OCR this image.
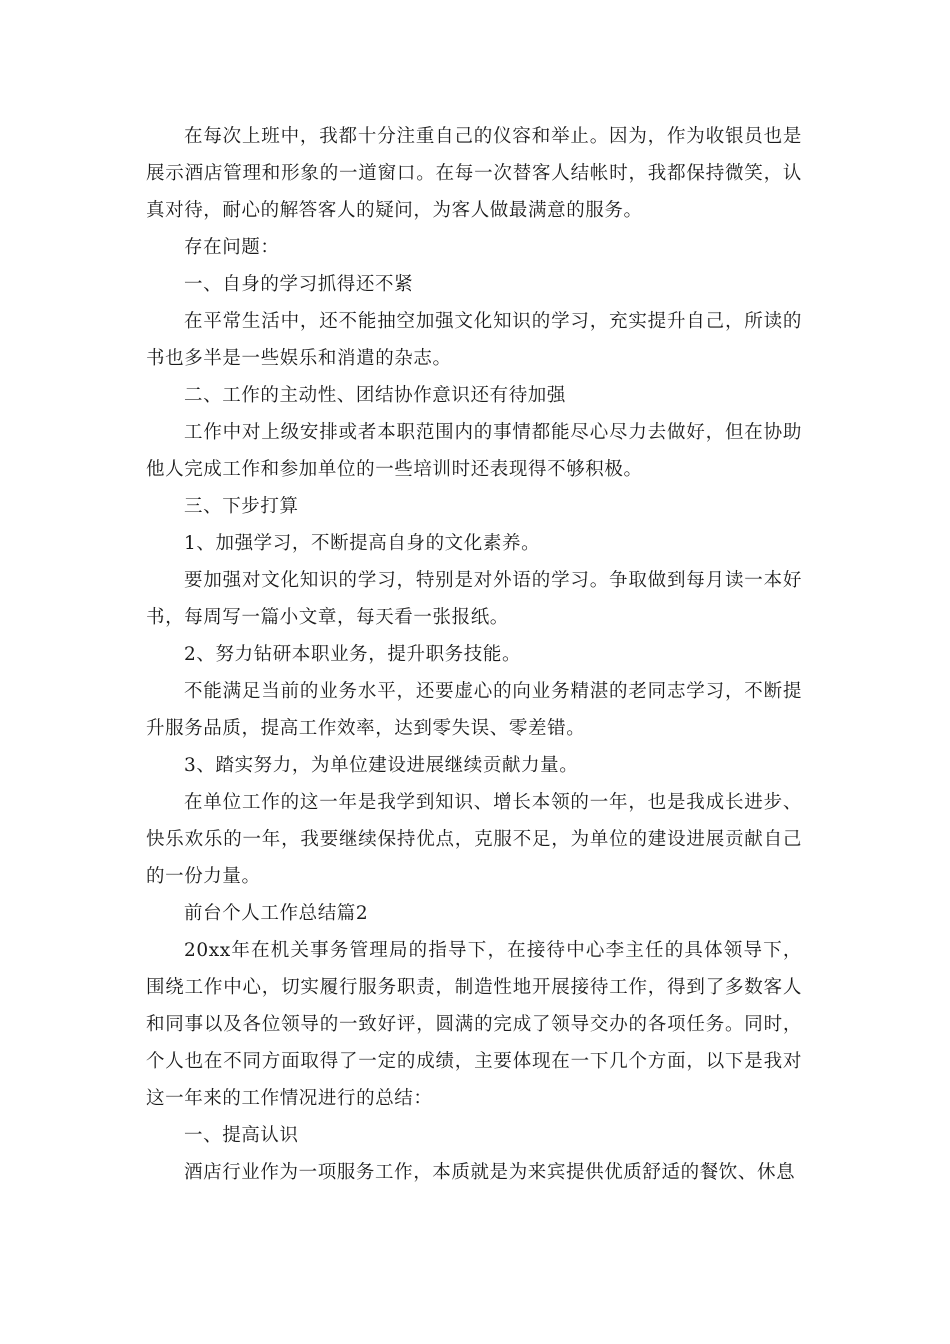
在每次上班中，我都十分注重自己的仪容和举止。因为，作为收银员也是展示酒店管理和形象的一道窗口。在每一次替客人结帐时，我都保持微笑，认真对待，耐心的解答客人的疑问，为客人做最满意的服务。

存在问题：

一、自身的学习抓得还不紧

在平常生活中，还不能抽空加强文化知识的学习，充实提升自己，所读的书也多半是一些娱乐和消遣的杂志。

二、工作的主动性、团结协作意识还有待加强

工作中对上级安排或者本职范围内的事情都能尽心尽力去做好，但在协助他人完成工作和参加单位的一些培训时还表现得不够积极。

三、下步打算

1、加强学习，不断提高自身的文化素养。

要加强对文化知识的学习，特别是对外语的学习。争取做到每月读一本好书，每周写一篇小文章，每天看一张报纸。

2、努力钻研本职业务，提升职务技能。

不能满足当前的业务水平，还要虚心的向业务精湛的老同志学习，不断提升服务品质，提高工作效率，达到零失误、零差错。

3、踏实努力，为单位建设进展继续贡献力量。

在单位工作的这一年是我学到知识、增长本领的一年，也是我成长进步、快乐欢乐的一年，我要继续保持优点，克服不足，为单位的建设进展贡献自己的一份力量。

前台个人工作总结篇2

20xx年在机关事务管理局的指导下，在接待中心李主任的具体领导下，围绕工作中心，切实履行服务职责，制造性地开展接待工作，得到了多数客人和同事以及各位领导的一致好评，圆满的完成了领导交办的各项任务。同时，个人也在不同方面取得了一定的成绩，主要体现在一下几个方面，以下是我对这一年来的工作情况进行的总结：

一、提高认识

酒店行业作为一项服务工作，本质就是为来宾提供优质舒适的餐饮、休息
